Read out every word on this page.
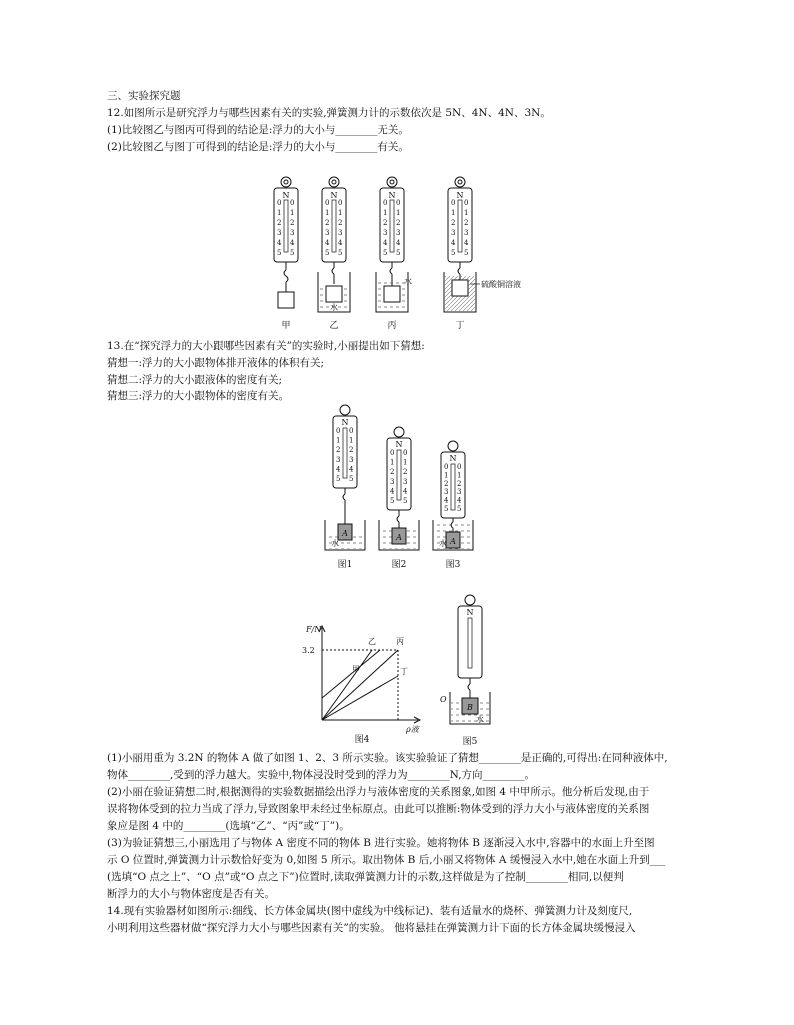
三、实验探究题
12.如图所示是研究浮力与哪些因素有关的实验,弹簧测力计的示数依次是 5N、4N、4N、3N。
(1)比较图乙与图丙可得到的结论是:浮力的大小与________无关。
(2)比较图乙与图丁可得到的结论是:浮力的大小与________有关。
13.在“探究浮力的大小跟哪些因素有关”的实验时,小丽提出如下猜想:
猜想一:浮力的大小跟物体排开液体的体积有关;
猜想二:浮力的大小跟液体的密度有关;
猜想三:浮力的大小跟物体的密度有关。
(1)小丽用重为 3.2N 的物体 A 做了如图 1、2、3 所示实验。该实验验证了猜想________是正确的,可得出:在同种液体中,
物体________,受到的浮力越大。实验中,物体浸没时受到的浮力为________N,方向________。
(2)小丽在验证猜想二时,根据测得的实验数据描绘出浮力与液体密度的关系图象,如图 4 中甲所示。他分析后发现,由于
误将物体受到的拉力当成了浮力,导致图象甲未经过坐标原点。由此可以推断:物体受到的浮力大小与液体密度的关系图
象应是图 4 中的________(选填“乙”、“丙”或“丁”)。
(3)为验证猜想三,小丽选用了与物体 A 密度不同的物体 B 进行实验。她将物体 B 逐渐浸入水中,容器中的水面上升至图
示 O 位置时,弹簧测力计示数恰好变为 0,如图 5 所示。取出物体 B 后,小丽又将物体 A 缓慢浸入水中,她在水面上升到___
(选填“O 点之上”、“O 点”或“O 点之下”)位置时,读取弹簧测力计的示数,这样做是为了控制________相同,以便判
断浮力的大小与物体密度是否有关。
14.现有实验器材如图所示:细线、长方体金属块(图中虚线为中线标记)、装有适量水的烧杯、弹簧测力计及刻度尺,
小明利用这些器材做“探究浮力大小与哪些因素有关”的实验。 他将悬挂在弹簧测力计下面的长方体金属块缓慢浸入
N
0 0
1 1
2 2
3 3
4 4
5 5
N
水
0 0
1 1
2 2
3 3
4 4
5 5
N
水
0 0
1 1
2 2
3 3
4 4
5 5
N
硫酸铜溶液
0 0
1 1
2 2
3 3
4 4
5 5
甲	乙	丙	丁
N
A
水
图1
0 0
1 1
2 2
3 3
4 4
5 5
N
A
图2
0 0
1 1
2 2
3 3
4 4
5 5
N
A
水
图3
0 0
1 1
2 2
3 3
4 4
5 5
F/N
3.2
ρ液
甲
乙	丙
丁
图4
N
B
O
水
图5
